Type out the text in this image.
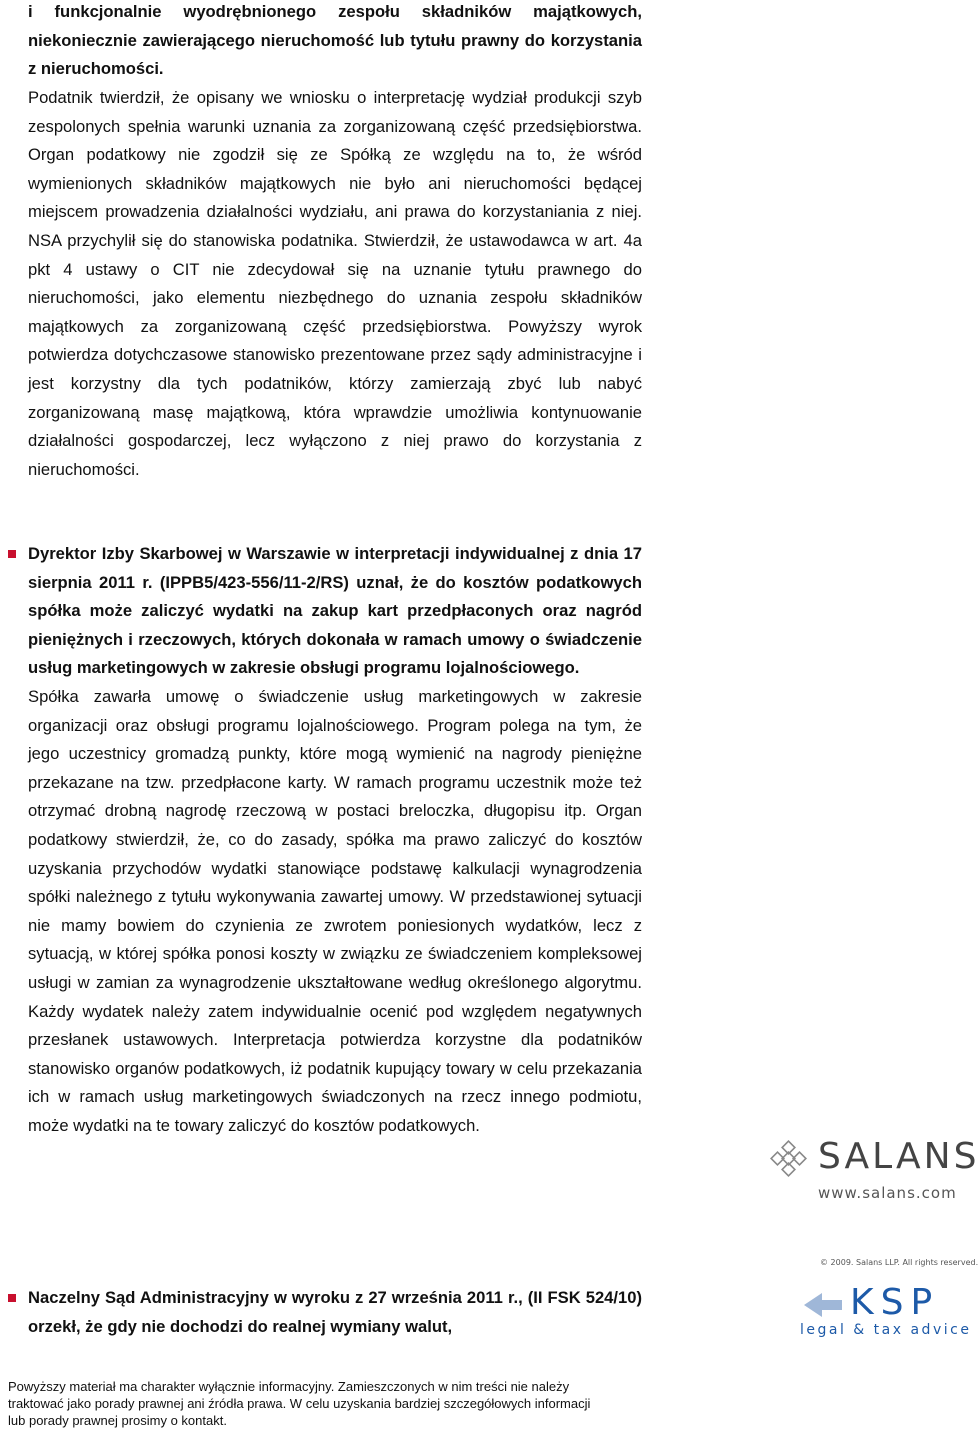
i funkcjonalnie wyodrębnionego zespołu składników majątkowych, niekoniecznie zawierającego nieruchomość lub tytułu prawny do korzystania z nieruchomości.
Podatnik twierdził, że opisany we wniosku o interpretację wydział produkcji szyb zespolonych spełnia warunki uznania za zorganizowaną część przedsiębiorstwa. Organ podatkowy nie zgodził się ze Spółką ze względu na to, że wśród wymienionych składników majątkowych nie było ani nieruchomości będącej miejscem prowadzenia działalności wydziału, ani prawa do korzystaniania z niej. NSA przychylił się do stanowiska podatnika. Stwierdził, że ustawodawca w art. 4a pkt 4 ustawy o CIT nie zdecydował się na uznanie tytułu prawnego do nieruchomości, jako elementu niezbędnego do uznania zespołu składników majątkowych za zorganizowaną część przedsiębiorstwa. Powyższy wyrok potwierdza dotychczasowe stanowisko prezentowane przez sądy administracyjne i jest korzystny dla tych podatników, którzy zamierzają zbyć lub nabyć zorganizowaną masę majątkową, która wprawdzie umożliwia kontynuowanie działalności gospodarczej, lecz wyłączono z niej prawo do korzystania z nieruchomości.
Dyrektor Izby Skarbowej w Warszawie w interpretacji indywidualnej z dnia 17 sierpnia 2011 r. (IPPB5/423-556/11-2/RS) uznał, że do kosztów podatkowych spółka może zaliczyć wydatki na zakup kart przedpłaconych oraz nagród pieniężnych i rzeczowych, których dokonała w ramach umowy o świadczenie usług marketingowych w zakresie obsługi programu lojalnościowego.
Spółka zawarła umowę o świadczenie usług marketingowych w zakresie organizacji oraz obsługi programu lojalnościowego. Program polega na tym, że jego uczestnicy gromadzą punkty, które mogą wymienić na nagrody pieniężne przekazane na tzw. przedpłacone karty. W ramach programu uczestnik może też otrzymać drobną nagrodę rzeczową w postaci breloczka, długopisu itp. Organ podatkowy stwierdził, że, co do zasady, spółka ma prawo zaliczyć do kosztów uzyskania przychodów wydatki stanowiące podstawę kalkulacji wynagrodzenia spółki należnego z tytułu wykonywania zawartej umowy. W przedstawionej sytuacji nie mamy bowiem do czynienia ze zwrotem poniesionych wydatków, lecz z sytuacją, w której spółka ponosi koszty w związku ze świadczeniem kompleksowej usługi w zamian za wynagrodzenie ukształtowane według określonego algorytmu. Każdy wydatek należy zatem indywidualnie ocenić pod względem negatywnych przesłanek ustawowych. Interpretacja potwierdza korzystne dla podatników stanowisko organów podatkowych, iż podatnik kupujący towary w celu przekazania ich w ramach usług marketingowych świadczonych na rzecz innego podmiotu, może wydatki na te towary zaliczyć do kosztów podatkowych.
Naczelny Sąd Administracyjny w wyroku z 27 września 2011 r., (II FSK 524/10) orzekł, że gdy nie dochodzi do realnej wymiany walut,
Powyższy materiał ma charakter wyłącznie informacyjny. Zamieszczonych w nim treści nie należy
traktować jako porady prawnej ani źródła prawa. W celu uzyskania bardziej szczegółowych informacji
lub porady prawnej prosimy o kontakt.
SALANS
www.salans.com
© 2009. Salans LLP. All rights reserved.
KSP
legal & tax advice
